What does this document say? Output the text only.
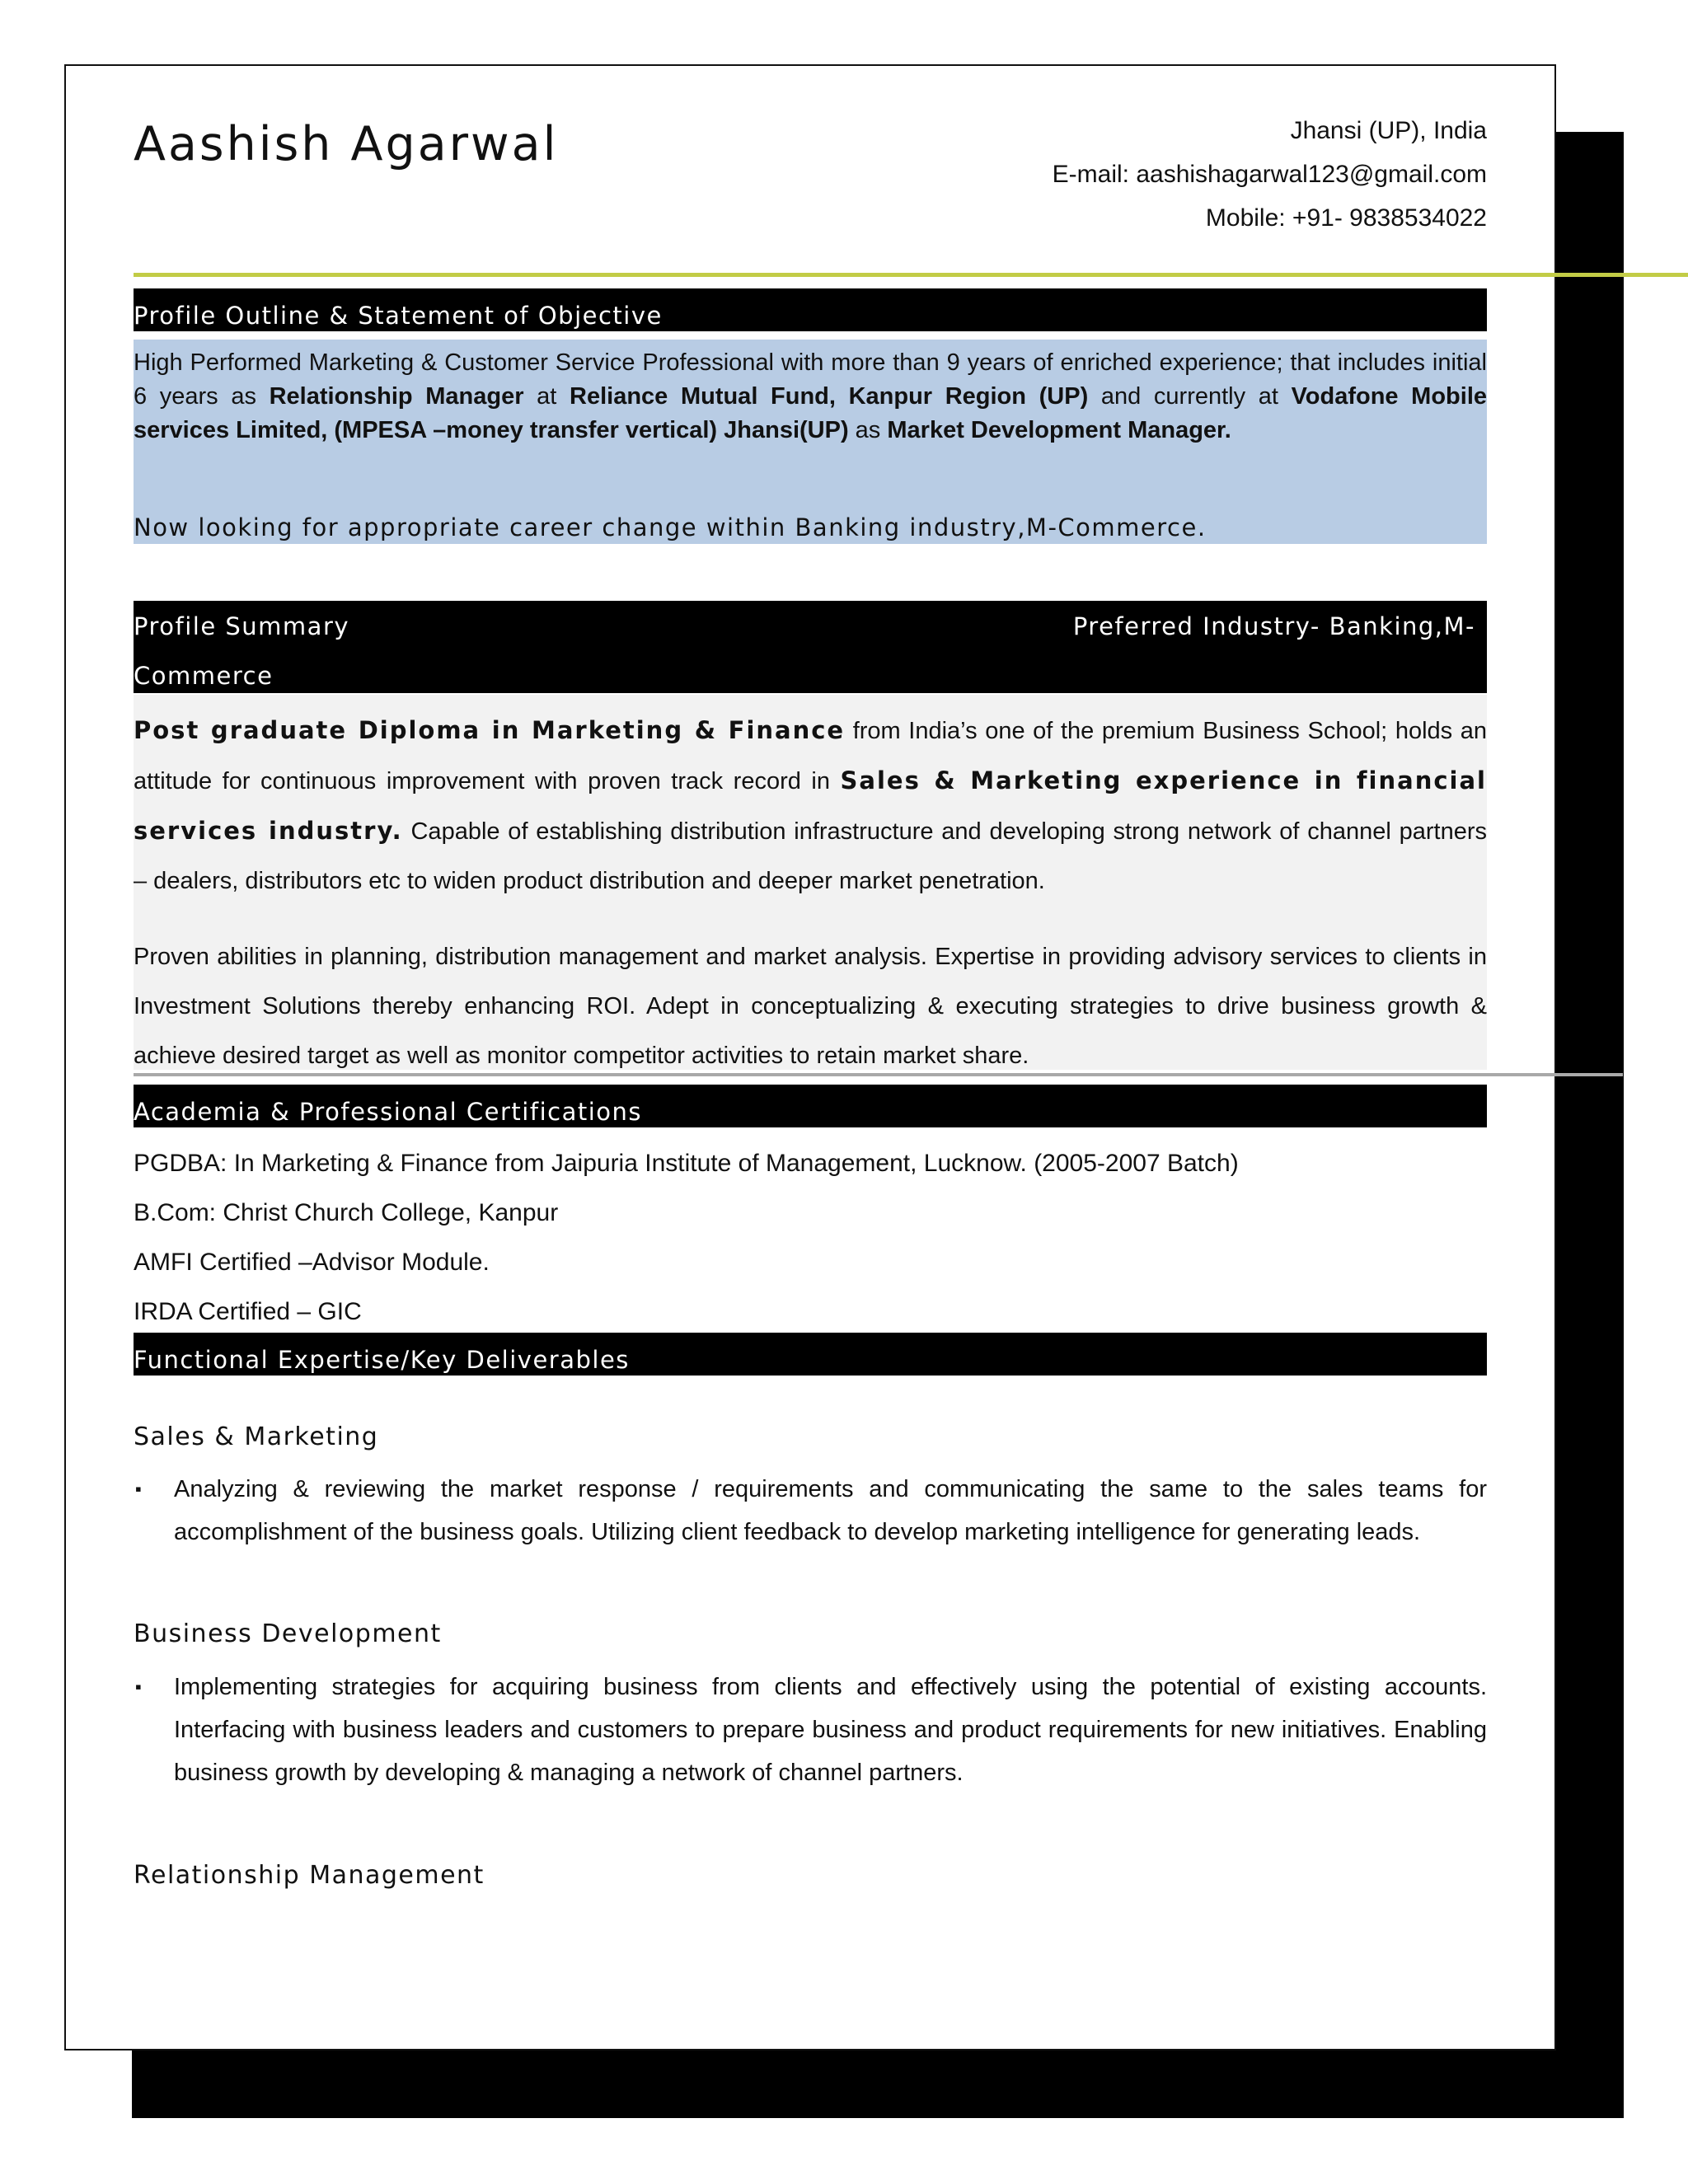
Aashish Agarwal	Jhansi (UP), India
E-mail: aashishagarwal123@gmail.com
Mobile: +91- 9838534022
Profile Outline & Statement of Objective
High Performed Marketing & Customer Service Professional with more than 9 years of enriched experience; that includes initial 6 years as Relationship Manager at Reliance Mutual Fund, Kanpur Region (UP) and currently at Vodafone Mobile services Limited, (MPESA –money transfer vertical) Jhansi(UP) as Market Development Manager.
Now looking for appropriate career change within Banking industry,M-Commerce.
Profile Summary	Preferred Industry- Banking,M-
Commerce

Post graduate Diploma in Marketing & Finance from India’s one of the premium Business School; holds an attitude for continuous improvement with proven track record in Sales & Marketing experience in financial services industry. Capable of establishing distribution infrastructure and developing strong network of channel partners – dealers, distributors etc to widen product distribution and deeper market penetration.

Proven abilities in planning, distribution management and market analysis. Expertise in providing advisory services to clients in Investment Solutions thereby enhancing ROI. Adept in conceptualizing & executing strategies to drive business growth & achieve desired target as well as monitor competitor activities to retain market share.

Academia & Professional Certifications
PGDBA: In Marketing & Finance from Jaipuria Institute of Management, Lucknow. (2005-2007 Batch)
B.Com: Christ Church College, Kanpur
AMFI Certified –Advisor Module.
IRDA Certified – GIC
Functional Expertise/Key Deliverables
Sales & Marketing
▪ Analyzing & reviewing the market response / requirements and communicating the same to the sales teams for accomplishment of the business goals. Utilizing client feedback to develop marketing intelligence for generating leads.
Business Development
▪ Implementing strategies for acquiring business from clients and effectively using the potential of existing accounts. Interfacing with business leaders and customers to prepare business and product requirements for new initiatives. Enabling business growth by developing & managing a network of channel partners.
Relationship Management
